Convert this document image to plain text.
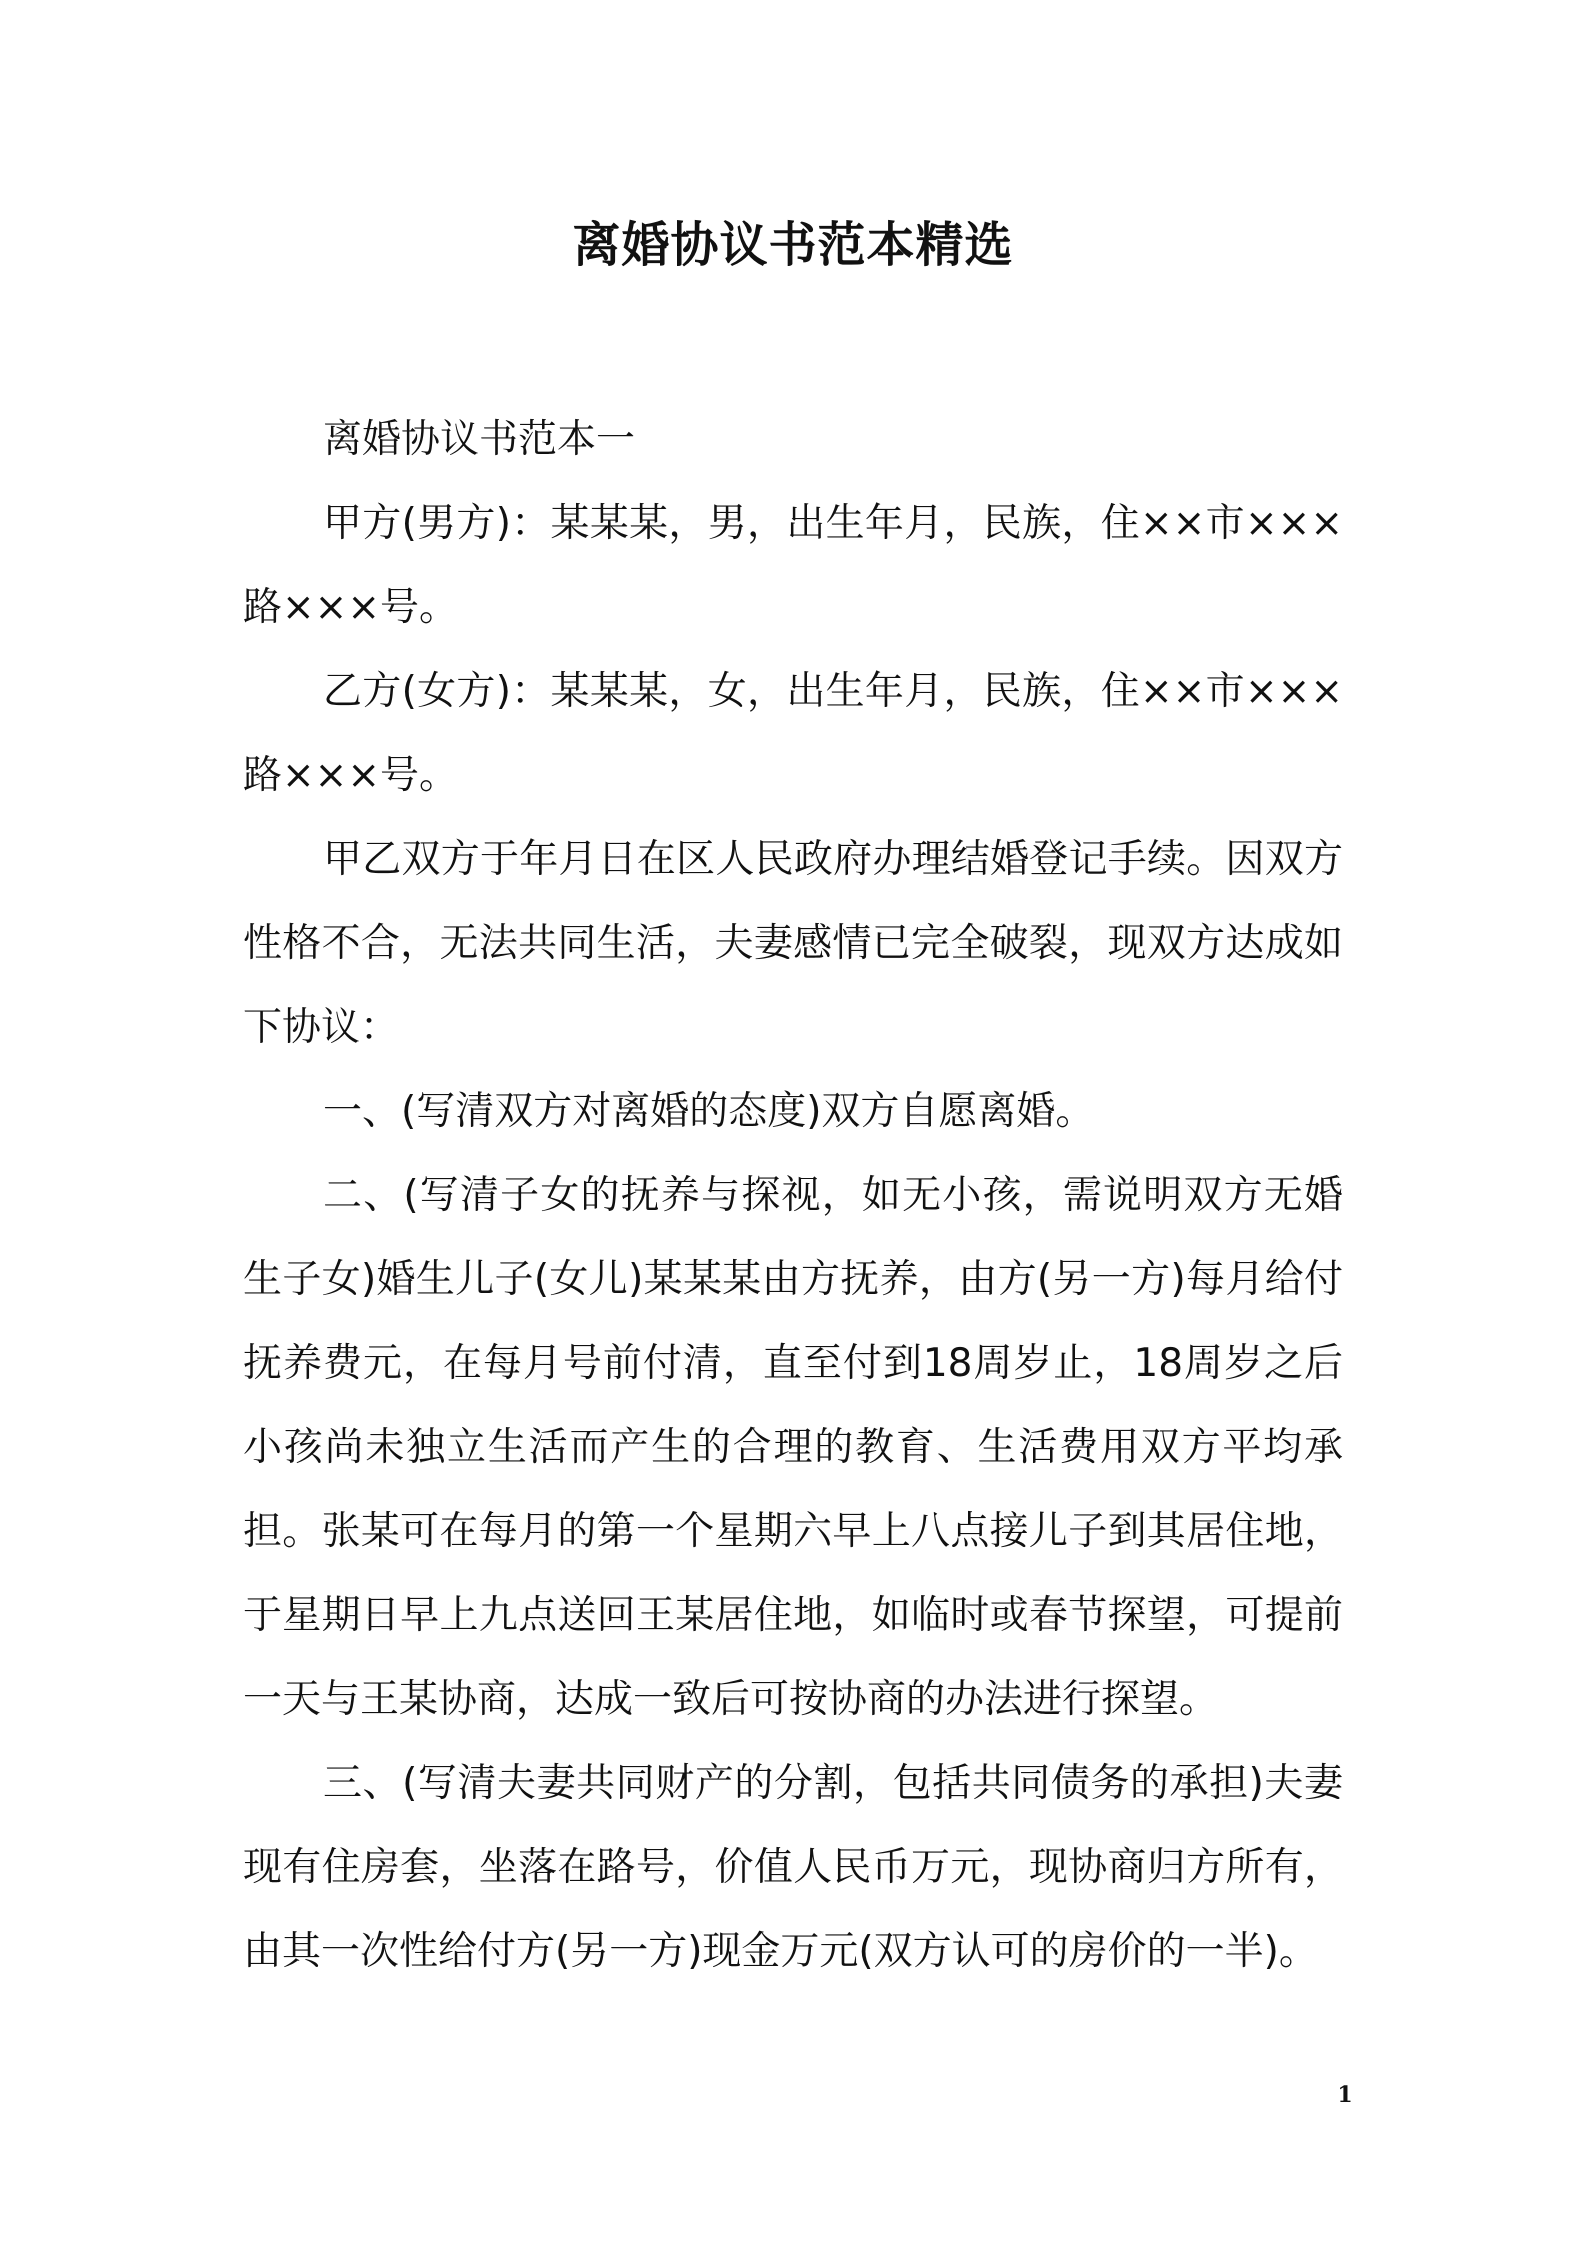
离婚协议书范本精选

离婚协议书范本一

甲方(男方)：某某某，男，出生年月，民族，住××市×××路×××号。

乙方(女方)：某某某，女，出生年月，民族，住××市×××路×××号。

甲乙双方于年月日在区人民政府办理结婚登记手续。因双方性格不合，无法共同生活，夫妻感情已完全破裂，现双方达成如下协议：

一、(写清双方对离婚的态度)双方自愿离婚。

二、(写清子女的抚养与探视，如无小孩，需说明双方无婚生子女)婚生儿子(女儿)某某某由方抚养，由方(另一方)每月给付抚养费元，在每月号前付清，直至付到18周岁止，18周岁之后小孩尚未独立生活而产生的合理的教育、生活费用双方平均承担。张某可在每月的第一个星期六早上八点接儿子到其居住地，于星期日早上九点送回王某居住地，如临时或春节探望，可提前一天与王某协商，达成一致后可按协商的办法进行探望。

三、(写清夫妻共同财产的分割，包括共同债务的承担)夫妻现有住房套，坐落在路号，价值人民币万元，现协商归方所有，由其一次性给付方(另一方)现金万元(双方认可的房价的一半)。

1
